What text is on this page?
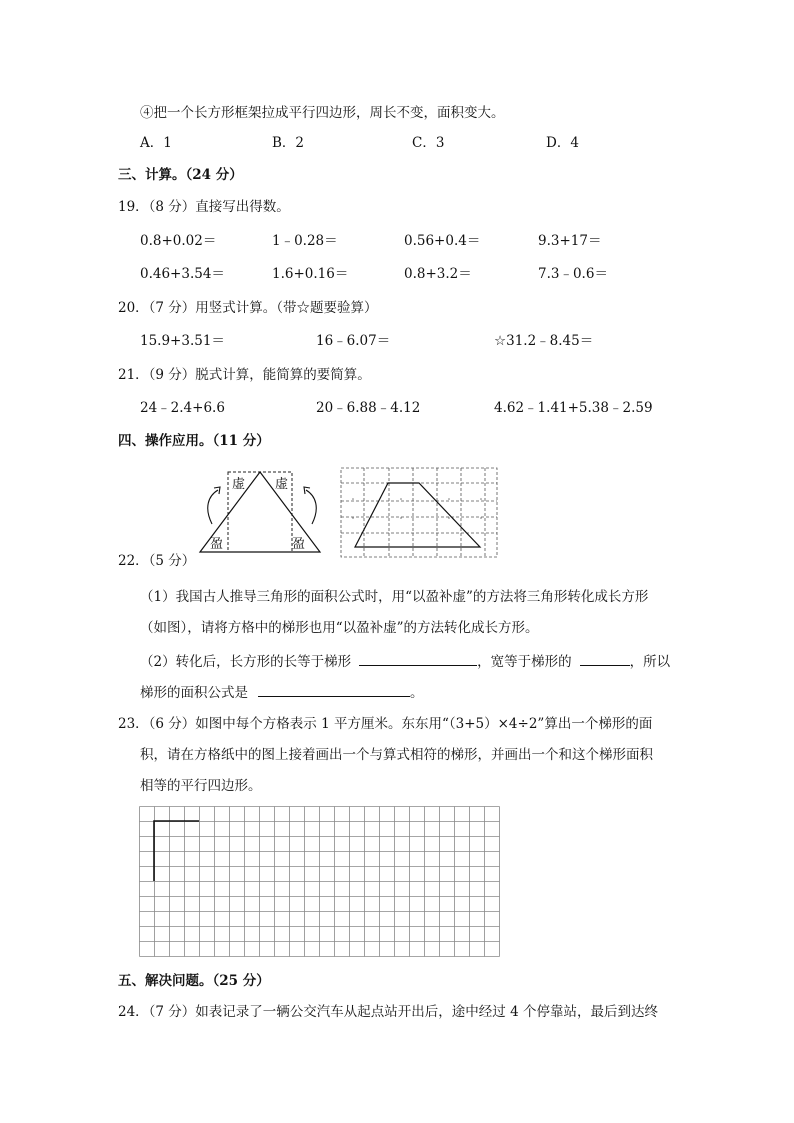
④把一个长方形框架拉成平行四边形，周长不变，面积变大。
A．1	B．2	C．3	D．4
三、计算。（24 分）
19．（8 分）直接写出得数。
0.8+0.02＝	1﹣0.28＝	0.56+0.4＝	9.3+17＝
0.46+3.54＝	1.6+0.16＝	0.8+3.2＝	7.3﹣0.6＝
20．（7 分）用竖式计算。（带☆题要验算）
15.9+3.51＝	16﹣6.07＝	☆31.2﹣8.45＝
21．（9 分）脱式计算，能简算的要简算。
24﹣2.4+6.6	20﹣6.88﹣4.12	4.62﹣1.41+5.38﹣2.59
四、操作应用。（11 分）
虚 虚
盈	盈
22．（5 分）
（1）我国古人推导三角形的面积公式时，用“以盈补虚”的方法将三角形转化成长方形
（如图），请将方格中的梯形也用“以盈补虚”的方法转化成长方形。
（2）转化后，长方形的长等于梯形	，宽等于梯形的	，所以
梯形的面积公式是	。
23．（6 分）如图中每个方格表示 1 平方厘米。东东用“（3+5）×4÷2”算出一个梯形的面
积，请在方格纸中的图上接着画出一个与算式相符的梯形，并画出一个和这个梯形面积
相等的平行四边形。
五、解决问题。（25 分）
24．（7 分）如表记录了一辆公交汽车从起点站开出后，途中经过 4 个停靠站，最后到达终
